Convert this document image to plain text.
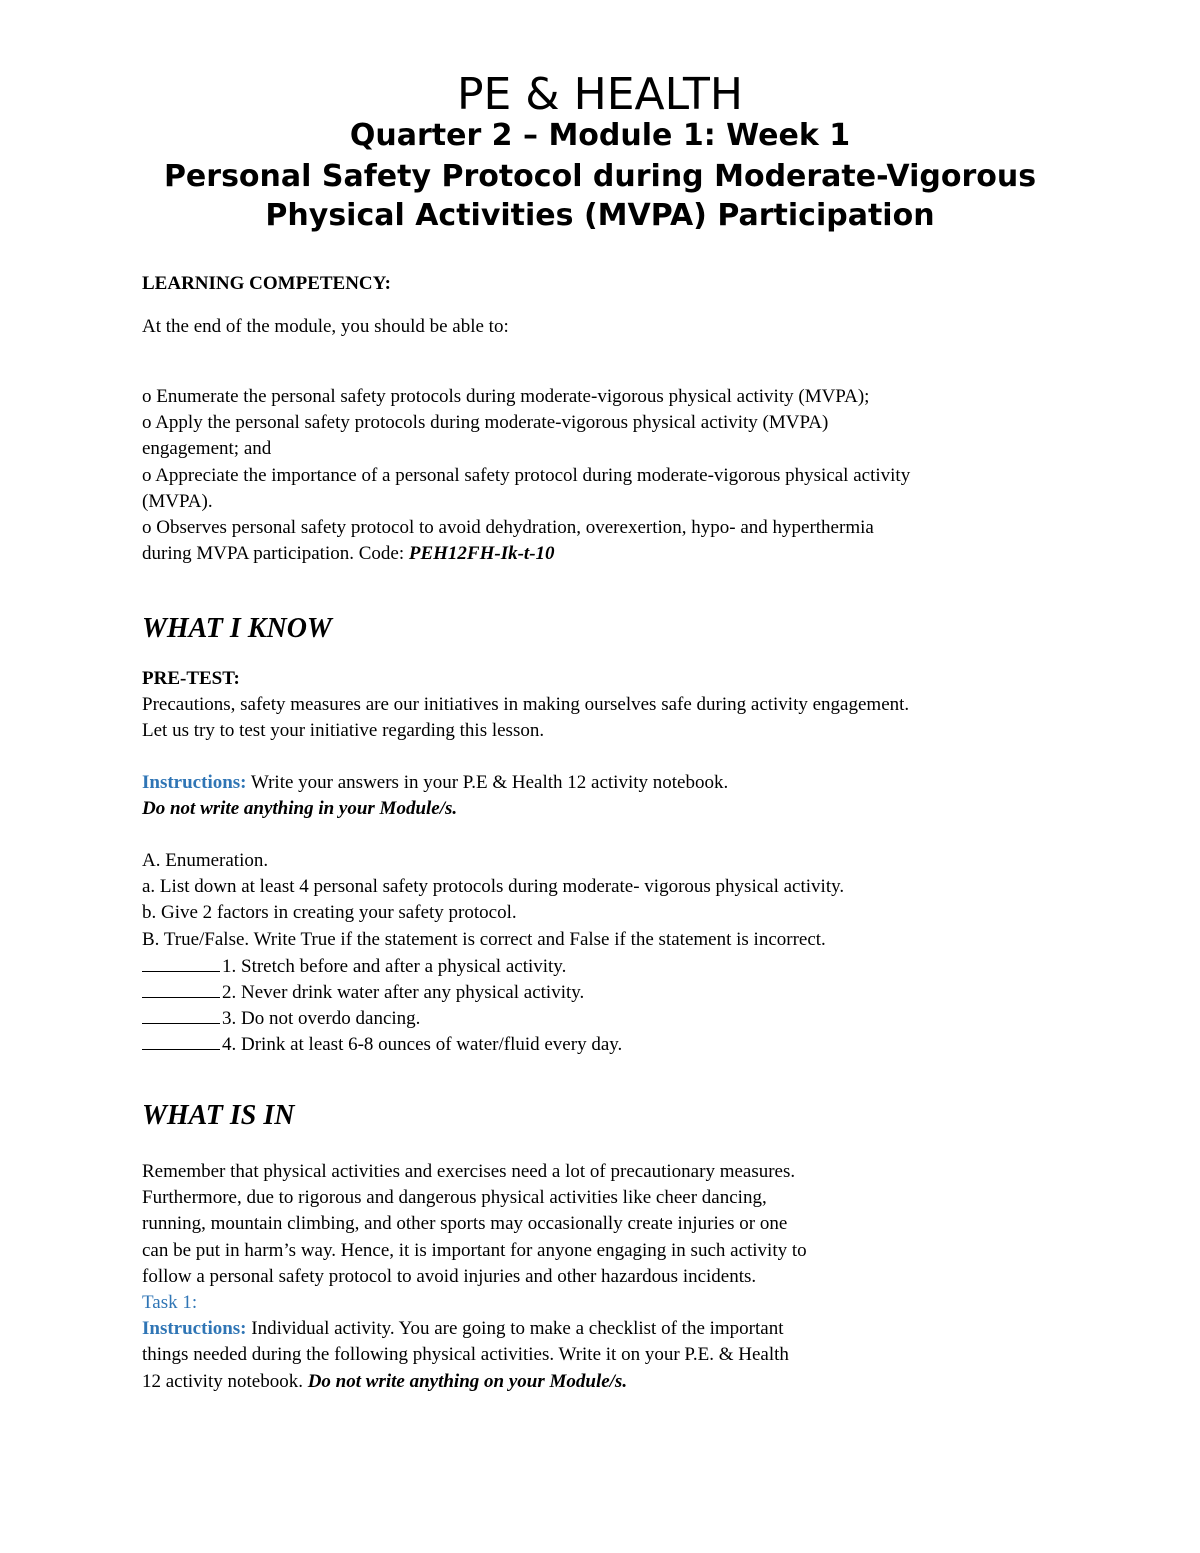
PE & HEALTH
Quarter 2 – Module 1: Week 1
Personal Safety Protocol during Moderate-Vigorous
Physical Activities (MVPA) Participation
LEARNING COMPETENCY:
At the end of the module, you should be able to:
o Enumerate the personal safety protocols during moderate-vigorous physical activity (MVPA);
o Apply the personal safety protocols during moderate-vigorous physical activity (MVPA)
engagement; and
o Appreciate the importance of a personal safety protocol during moderate-vigorous physical activity
(MVPA).
o Observes personal safety protocol to avoid dehydration, overexertion, hypo- and hyperthermia
during MVPA participation. Code: PEH12FH-Ik-t-10
WHAT I KNOW
PRE-TEST:
Precautions, safety measures are our initiatives in making ourselves safe during activity engagement.
Let us try to test your initiative regarding this lesson.
Instructions: Write your answers in your P.E & Health 12 activity notebook.
Do not write anything in your Module/s.
A. Enumeration.
a. List down at least 4 personal safety protocols during moderate- vigorous physical activity.
b. Give 2 factors in creating your safety protocol.
B. True/False. Write True if the statement is correct and False if the statement is incorrect.
1. Stretch before and after a physical activity.
2. Never drink water after any physical activity.
3. Do not overdo dancing.
4. Drink at least 6-8 ounces of water/fluid every day.
WHAT IS IN
Remember that physical activities and exercises need a lot of precautionary measures.
Furthermore, due to rigorous and dangerous physical activities like cheer dancing,
running, mountain climbing, and other sports may occasionally create injuries or one
can be put in harm’s way. Hence, it is important for anyone engaging in such activity to
follow a personal safety protocol to avoid injuries and other hazardous incidents.
Task 1:
Instructions: Individual activity. You are going to make a checklist of the important
things needed during the following physical activities. Write it on your P.E. & Health
12 activity notebook. Do not write anything on your Module/s.
